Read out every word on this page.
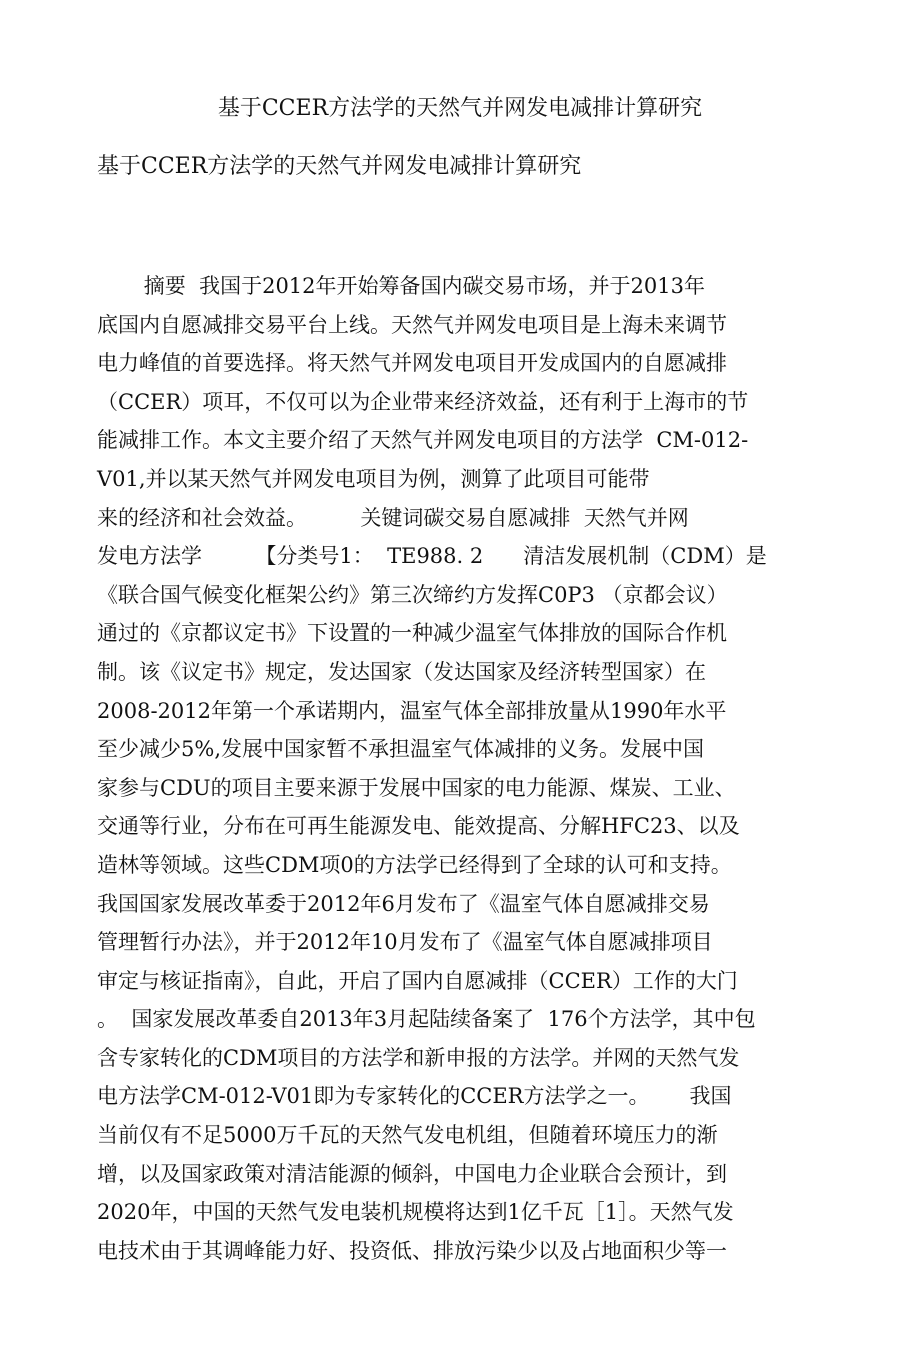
基于CCER方法学的天然气并网发电减排计算研究
基于CCER方法学的天然气并网发电减排计算研究
摘要  我国于2012年开始筹备国内碳交易市场，并于2013年
底国内自愿减排交易平台上线。天然气并网发电项目是上海未来调节
电力峰值的首要选择。将天然气并网发电项目开发成国内的自愿减排
（CCER）项耳，不仅可以为企业带来经济效益，还有利于上海市的节
能减排工作。本文主要介绍了天然气并网发电项目的方法学  CM-012-
V01,并以某天然气并网发电项目为例，测算了此项目可能带
来的经济和社会效益。        关键词碳交易自愿减排  天然气并网
发电方法学        【分类号1：  TE988. 2      清洁发展机制（CDM）是
《联合国气候变化框架公约》第三次缔约方发挥C0P3 （京都会议）
通过的《京都议定书》下设置的一种减少温室气体排放的国际合作机
制。该《议定书》规定，发达国家（发达国家及经济转型国家）在
2008-2012年第一个承诺期内，温室气体全部排放量从1990年水平
至少减少5%,发展中国家暂不承担温室气体减排的义务。发展中国
家参与CDU的项目主要来源于发展中国家的电力能源、煤炭、工业、
交通等行业，分布在可再生能源发电、能效提高、分解HFC23、以及
造林等领域。这些CDM项0的方法学已经得到了全球的认可和支持。
我国国家发展改革委于2012年6月发布了《温室气体自愿减排交易
管理暂行办法》，并于2012年10月发布了《温室气体自愿减排项目
审定与核证指南》，自此，开启了国内自愿减排（CCER）工作的大门
。  国家发展改革委自2013年3月起陆续备案了  176个方法学，其中包
含专家转化的CDM项目的方法学和新申报的方法学。并网的天然气发
电方法学CM-012-V01即为专家转化的CCER方法学之一。      我国
当前仅有不足5000万千瓦的天然气发电机组，但随着环境压力的渐
增，以及国家政策对清洁能源的倾斜，中国电力企业联合会预计，到
2020年，中国的天然气发电装机规模将达到1亿千瓦［1］。天然气发
电技术由于其调峰能力好、投资低、排放污染少以及占地面积少等一
